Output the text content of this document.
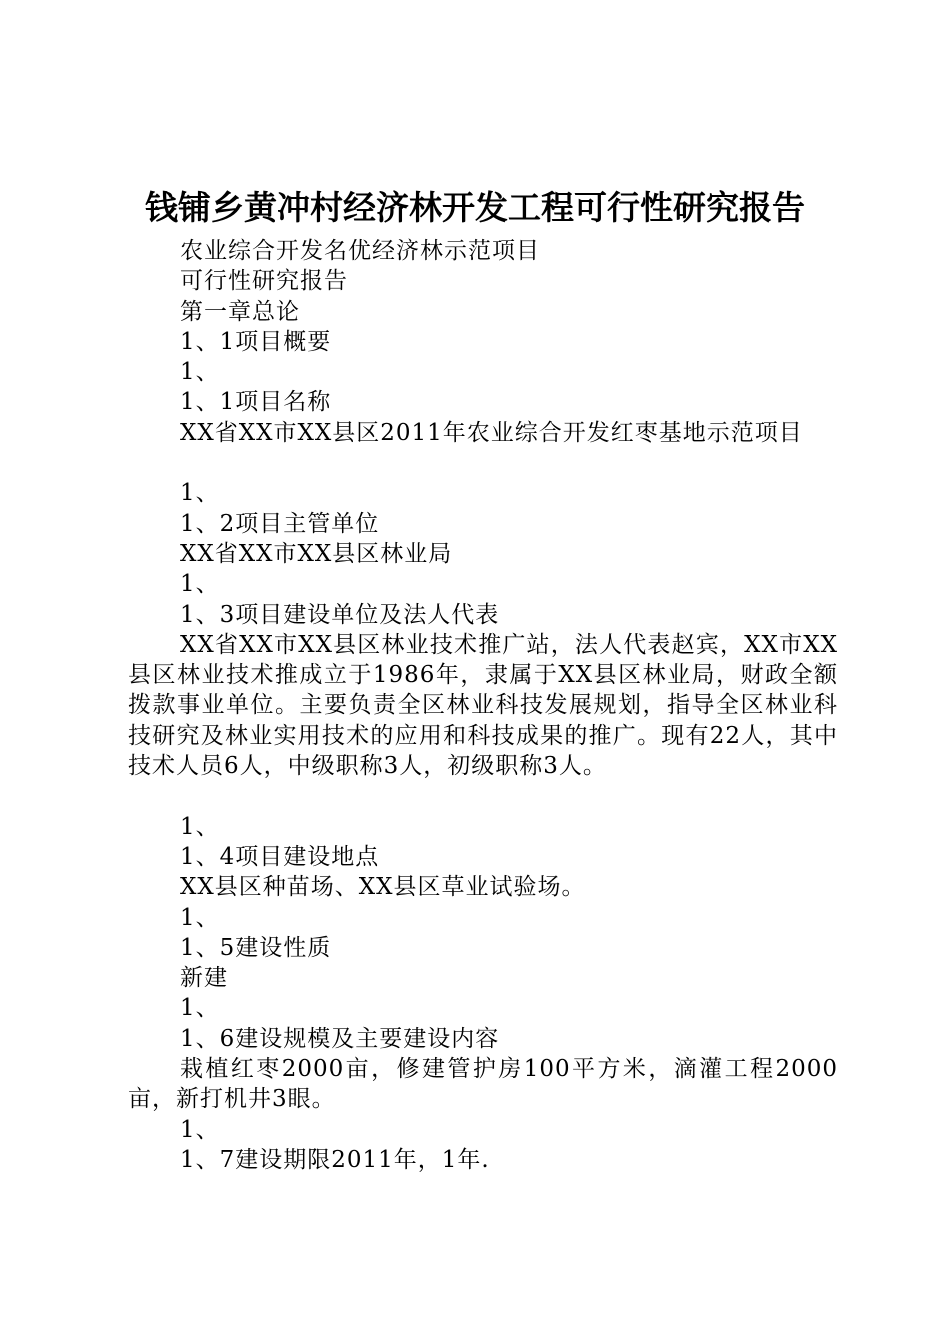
钱铺乡黄冲村经济林开发工程可行性研究报告
农业综合开发名优经济林示范项目
可行性研究报告
第一章总论
1、1项目概要
1、
1、1项目名称
XX省XX市XX县区2011年农业综合开发红枣基地示范项目
1、
1、2项目主管单位
XX省XX市XX县区林业局
1、
1、3项目建设单位及法人代表
XX省XX市XX县区林业技术推广站，法人代表赵宾，XX市XX县区林业技术推成立于1986年，隶属于XX县区林业局，财政全额拨款事业单位。主要负责全区林业科技发展规划，指导全区林业科技研究及林业实用技术的应用和科技成果的推广。现有22人，其中技术人员6人，中级职称3人，初级职称3人。
1、
1、4项目建设地点
XX县区种苗场、XX县区草业试验场。
1、
1、5建设性质
新建
1、
1、6建设规模及主要建设内容
栽植红枣2000亩，修建管护房100平方米，滴灌工程2000亩，新打机井3眼。
1、
1、7建设期限2011年，1年.
